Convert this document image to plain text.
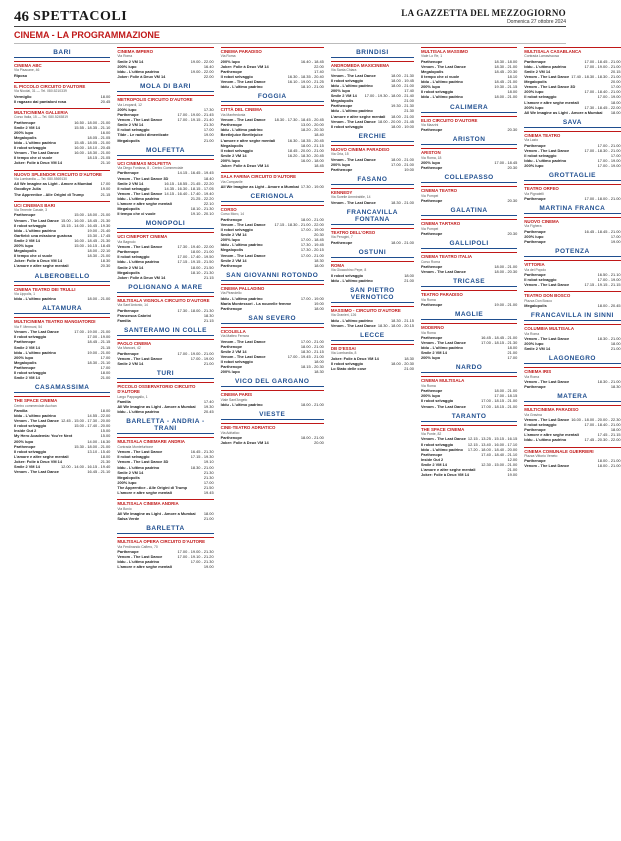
46 SPETTACOLI	LA GAZZETTA DEL MEZZOGIORNO
Domenica 27 ottobre 2024
CINEMA - LA PROGRAMMAZIONE
BARI
CINEMA ABC
Via Pisacane, 46
Riposo
IL PICCOLO CIRCUITO D'AUTORE
Via Nicolai, 31 — Tel. 080.5210339
Vermiglio	18.00
Il ragazzo dai pantaloni rosa	20.45
MULTICINEMA GALLERIA
Corso Italia, 15 — Tel. 080.5245819
Parthenope	16.50 - 18.00 - 21.00
Smile 2 VM 14	15.55 - 18.35 - 21.10
200% lupo	16.00
Megalopolis	18.05 - 21.05
Iddu - L'ultimo padrino	15.45 - 18.05 - 21.00
Il robot selvaggio	16.00 - 18.10 - 20.45
Venom - The Last Dance	16.00 - 18.30 - 21.00
Il tempo che ci vuole	18.15 - 21.05
Joker: Folie à Deux VM 14	21.10
NUOVO SPLENDOR CIRCUITO D'AUTORE
Via Lombardia — Tel. 080.5569130
All We Imagine as Light - Amore a Mumbai 17.00
Goodbye Julia	19.00
The Apprentice - Alle Origini di Trump	21.15
UCI CINEMAS BARI
Via Tenente Casale, 3
Parthenope	15.00 - 18.00 - 21.00
Venom - The Last Dance 15.00 - 16.00 - 18.45 - 21.30
Il robot selvaggio	15.15 - 14.00 - 16.45 - 19.30
Iddu - L'ultimo padrino	19.00 - 21.40
Garfield: una missione gustosa	15.30 - 17.45
Smile 2 VM 14	16.00 - 18.45 - 21.30
200% lupo	15.00 - 16.15 - 18.45
Megalopolis	18.00 - 22.10
Il tempo che ci vuole	18.30 - 21.00
Joker: Folie à Deux VM 14	18.30
L'amore e altre seghe mentali	20.30
ALBEROBELLO
CINEMA TEATRO DEI TRULLI
Via Lippolis, 1
Iddu - L'ultimo padrino	18.00 - 21.00
ALTAMURA
MULTICINEMA TEATRO MANGIATORDI
Via F. Mennuni, 54
Venom - The Last Dance	17.00 - 19.00 - 21.00
Il robot selvaggio	17.00 - 19.00
Parthenope	18.45 - 21.15
Smile 2 VM 14	21.15
Iddu - L'ultimo padrino	19.00 - 21.00
200% lupo	17.00
Megalopolis	18.30 - 21.10
Parthenope	17.00
Il robot selvaggio	18.00
Smile 2 VM 14	21.00
CASAMASSIMA
THE SPACE CINEMA
Centro commerciale Auchan
Familia	18.00
Iddu - L'ultimo padrino	14.55 - 22.00
Venom - The Last Dance 12.45 - 15.00 - 17.30 - 20.00
Il robot selvaggio	15.00 - 17.40 - 20.00
Inside Out 2	15.00
My Hero Academia: You're Next	15.00
200% lupo	14.00 - 16.30
Parthenope	15.30 - 18.00 - 21.00
Il robot selvaggio	13.10 - 15.40
L'amore e altre seghe mentali	18.00
Joker: Folie à Deux VM 14	21.30
Smile 2 VM 14	12.00 - 14.00 - 16.15 - 19.40
Venom - The Last Dance	16.45 - 21.10
CINEMA IMPERO
Via Roma
Smile 2 VM 14	19.00 - 22.00
200% lupo	16.40
Iddu - L'ultimo padrino	19.00 - 22.00
Joker: Folie à Deux VM 14	22.00
MOLA DI BARI
METROPOLIS CIRCUITO D'AUTORE
Via Leopardi, 12
200% lupo	17.30
Parthenope	17.00 - 19.00 - 21.45
Venom - The Last Dance	17.00 - 19.15 - 21.40
Smile 2 VM 14	21.30
Il robot selvaggio	17.00
Tilde - Le radici dimenticate	19.00
Megalopolis	21.00
MOLFETTA
UCI CINEMAS MOLFETTA
Via Diego Fontana, 8 - Centro Commerciale
Parthenope	14.15 - 16.45 - 19.45
Venom - The Last Dance 3D	18.40
Smile 2 VM 14	16.15 - 18.55 - 21.45 - 22.20
Il robot selvaggio	14.35 - 16.30 - 18.15 - 17.05
Venom - The Last Dance 14.15 - 16.40 - 17.40 - 19.40
Iddu - L'ultimo padrino	21.25 - 22.20
L'amore e altre seghe mentali	22.10
Megalopolis	18.10 - 21.30
Il tempo che ci vuole	19.10 - 20.10
MONOPOLI
UCI CINEPORT CINEMA
Via Bagnulo
Venom - The Last Dance	17.30 - 19.40 - 22.00
Parthenope	18.00 - 21.00
Il robot selvaggio	17.00 - 17.40 - 19.50
Iddu - L'ultimo padrino	17.15 - 19.15 - 21.50
Smile 2 VM 14	18.00 - 21.50
Megalopolis	18.10 - 21.30
Joker: Folie à Deux VM 14	21.15
POLIGNANO A MARE
MULTISALA VIGNOLA CIRCUITO D'AUTORE
Via Sant'Antonio, 14
Parthenope	17.30 - 18.00 - 21.30
Francesca Cabrini	18.30
Familia	21.15
SANTERAMO IN COLLE
PAOLO CINEMA
Via Marconi, 42
Parthenope	17.00 - 19.00 - 21.00
Venom - The Last Dance	17.00 - 19.00
Smile 2 VM 14	21.00
TURI
PICCOLO OSSERVATORIO CIRCUITO D'AUTORE
Largo Pappagallo, 1
Familia	17.40
All We Imagine as Light - Amore a Mumbai 19.30
Iddu - L'ultimo padrino	20.45
BARLETTA - ANDRIA - TRANI
MULTISALA CINEMARE ANDRIA
Contrada Montefurbone
Venom - The Last Dance	16.45 - 21.30
Il robot selvaggio	17.15 - 19.30
Venom - The Last Dance 3D	19.10
Iddu - L'ultimo padrino	18.30 - 21.00
Smile 2 VM 14	21.30
Megalopolis	21.30
200% lupo	17.00
The Apprentice - Alle Origini di Trump	21.50
L'amore e altre seghe mentali	19.45
MULTISALA CINEMA ANDRIA
Via Bovio
All We Imagine as Light - Amore a Mumbai 18.00
Salsa Verde	21.00
BARLETTA
MULTISALA OPERA CIRCUITO D'AUTORE
Via Ferdinando Cafiero, 70
Parthenope	17.00 - 19.00 - 21.30
Venom - The Last Dance	17.00 - 19.10 - 21.20
Iddu - L'ultimo padrino	17.00 - 21.30
L'amore e altre seghe mentali	19.00
CINEMA PARADISO
Via Roma
200% lupo	16.40 - 18.45
Joker: Folie à Deux VM 14	22.00
Parthenope	17.40
Il robot selvaggio	16.30 - 18.35 - 20.40
Venom - The Last Dance	16.10 - 19.00 - 21.25
Iddu - L'ultimo padrino	18.10 - 21.00
FOGGIA
CITTÀ DEL CINEMA
Via Manfredonia
Venom - The Last Dance 18.30 - 17.30 - 18.45 - 20.45
Parthenope	13.00 - 20.00
Iddu - L'ultimo padrino	18.20 - 20.30
Beetlejuice Beetlejuice	18.40
L'amore e altre seghe mentali	16.30 - 18.35 - 20.45
Megalopolis	18.00 - 21.15
Il robot selvaggio	18.45 - 20.00 - 21.00
Smile 2 VM 14	16.20 - 18.30 - 20.45
200% lupo	16.00 - 18.00
Joker: Folie à Deux VM 14	18.45
SALA FARINA CIRCUITO D'AUTORE
Via Campanile
All We Imagine as Light - Amore a Mumbai 17.30 - 19.00
CERIGNOLA
CORSO
Corso Moro, 14
Parthenope	18.00 - 21.00
Venom - The Last Dance 17.15 - 18.30 - 21.00 - 22.00
Il robot selvaggio	17.00 - 19.00
Smile 2 VM 14	20.30
200% lupo	17.00 - 18.45
Iddu - L'ultimo padrino	17.30 - 19.45
Megalopolis	17.30 - 20.15
Venom - The Last Dance	17.00 - 21.00
Smile 2 VM 14	18.30
Parthenope	18.00
SAN GIOVANNI ROTONDO
CINEMA PALLADINO
Via Pirandello
Iddu - L'ultimo padrino	17.00 - 19.00
Maria Montessori - La nouvelle femme	19.00
Parthenope	18.00
SAN SEVERO
CICOLELLA
Via Matteo Ferrara
Venom - The Last Dance	17.00 - 21.00
Parthenope	18.00 - 21.00
Smile 2 VM 14	18.30 - 21.15
Venom - The Last Dance	17.00 - 19.45 - 21.00
Il robot selvaggio	18.00
Parthenope	18.15 - 20.30
200% lupo	18.30
VICO DEL GARGANO
CINEMA PARIS
Viale Sant'Angelo
Iddu - L'ultimo padrino	18.00 - 21.00
VIESTE
CINE-TEATRO ADRIATICO
Via Adriatico
Parthenope	18.00 - 21.00
Joker: Folie à Deux VM 14	20.00
BRINDISI
ANDROMEDA MAXICINEMA
Via Santa Chiara
Venom - The Last Dance	18.00 - 21.30
Il robot selvaggio	18.00 - 19.45
Iddu - L'ultimo padrino	18.00 - 21.00
200% lupo	17.40
Smile 2 VM 14 17.00 - 19.30 - 18.00 - 21.40
Megalopolis	21.00
Parthenope	19.30 - 21.30
Iddu - L'ultimo padrino	21.30
L'amore e altre seghe mentali 18.00 - 21.00
Venom - The Last Dance 18.00 - 20.00 - 21.45
Il robot selvaggio	18.00 - 19.00
ERCHIE
NUOVO CINEMA PARADISO
Via Oria, 15
Venom - The Last Dance	18.00 - 21.00
200% lupo	17.00 - 21.00
Parthenope	19.00
FASANO
KENNEDY
Via Sorelle Ammirabile, 14
Venom - The Last Dance	18.30 - 21.00
FRANCAVILLA FONTANA
TEATRO DELL'ORSO
Via Perugini, 7
Parthenope	18.00 - 21.00
OSTUNI
ROMA
Via Gioacchino Pepe, 8
Il robot selvaggio	18.00
Iddu - L'ultimo padrino	21.00
SAN PIETRO VERNOTICO
MASSIMO - CIRCUITO D'AUTORE
Via Granieri, 126
Iddu - L'ultimo padrino	18.30 - 21.15
Venom - The Last Dance 18.30 - 18.00 - 20.15
LECCE
DB D'ESSAI
Via Lombardia, 8
Joker: Folie à Deux VM 14	18.30
Il robot selvaggio	18.00 - 20.30
Lo Stato delle cose	21.00
MULTISALA MASSIMO
Viale Lo Re, 1
Parthenope	18.30 - 18.00
Venom - The Last Dance	18.30 - 21.00
Megalopolis	18.45 - 20.30
Il tempo che ci vuole	18.10
Iddu - L'ultimo padrino	18.45 - 21.00
200% lupo	19.30 - 21.15
Il robot selvaggio	18.00
Iddu - L'ultimo padrino	18.00 - 21.00
CALIMERA
ELIO CIRCUITO D'AUTORE
Via Mazzini
Parthenope	20.30
ARISTON
ARISTON
Via Roma, 18
200% lupo	17.00 - 18.45
Parthenope	20.30
COLLEPASSO
CINEMA TEATRO
Via Pompei
Parthenope	20.30
GALATINA
CINEMA TARTARO
Via Pompei
Parthenope	20.30
GALLIPOLI
CINEMA TEATRO ITALIA
Corso Roma
Parthenope	18.00 - 21.00
Venom - The Last Dance	18.00 - 20.30
TRICASE
TEATRO PARADISO
Via Roma
Parthenope	19.00 - 21.00
MAGLIE
MODERNO
Via Roma
Parthenope	16.45 - 18.45 - 21.00
Venom - The Last Dance	17.00 - 18.15 - 21.30
Iddu - L'ultimo padrino	18.00
Smile 2 VM 14	21.00
200% lupo	17.00
NARDO
CINEMA MULTISALA
Via Roma
Parthenope	18.00 - 21.00
200% lupo	17.00 - 18.15
Il robot selvaggio	17.00 - 18.15 - 21.00
Venom - The Last Dance	17.00 - 18.15 - 21.00
TARANTO
THE SPACE CINEMA
Via Ponte, 82
Venom - The Last Dance 12.15 - 13.25 - 15.15 - 16.15
Il robot selvaggio	12.15 - 13.40 - 16.00 - 17.10
Iddu - L'ultimo padrino 17.20 - 18.00 - 18.40 - 20.00
Parthenope	17.40 - 18.40 - 21.10
Inside Out 2	12.00
Smile 2 VM 14	12.30 - 15.00 - 21.00
L'amore e altre seghe mentali	21.00
Joker: Folie à Deux VM 14	19.00
MULTISALA CASABLANCA
Contrada Lamaviscosa
Parthenope	17.00 - 18.45 - 21.00
Iddu - L'ultimo padrino	17.00 - 19.00 - 21.00
Smile 2 VM 14	20.15
Venom - The Last Dance 17.40 - 18.30 - 18.30 - 21.00
Megalopolis	20.00
Venom - The Last Dance 3D	17.00
200% lupo	17.00 - 18.40 - 21.00
Il robot selvaggio	17.00 - 19.00
L'amore e altre seghe mentali	18.00
200% lupo	17.30 - 18.45 - 22.00
All We Imagine as Light - Amore a Mumbai 18.00
SAVA
CINEMA TEATRO
Via Lazio
Parthenope	17.00 - 21.00
Venom - The Last Dance	17.00 - 18.30 - 21.00
Il robot selvaggio	17.00
Iddu - L'ultimo padrino	17.00 - 19.00
200% lupo	17.00 - 19.00
GROTTAGLIE
TEATRO ORFEO
Via Pignatelli
Parthenope	17.00 - 18.00 - 21.00
MARTINA FRANCA
NUOVO CINEMA
Via Fighera
Parthenope	16.45 - 18.45 - 21.00
200% lupo	17.00
Parthenope	19.00
POTENZA
VITTORIA
Via del Popolo
Parthenope	16.50 - 21.10
Il robot selvaggio	17.00 - 19.00
Venom - The Last Dance	17.15 - 19.15 - 21.15
TEATRO DON BOSCO
Piazza Don Bosco
Megalopolis	18.00 - 20.45
FRANCAVILLA IN SINNI
COLUMBIA MULTISALA
Via Roma
Venom - The Last Dance	18.30 - 21.00
200% lupo	18.00
Smile 2 VM 14	21.00
LAGONEGRO
CINEMA IRIS
Via Roma
Venom - The Last Dance	18.30 - 21.00
Parthenope	18.30
MATERA
MULTICINEMA PARADISO
Via Gravina
Venom - The Last Dance 16.00 - 18.00 - 20.00 - 22.30
Il robot selvaggio	17.00 - 18.40 - 21.00
Parthenope	18.00
L'amore e altre seghe mentali	17.45 - 21.15
Iddu - L'ultimo padrino	17.45 - 20.30 - 22.00
CINEMA COMUNALE GUERRIERI
Piazza Vittorio Veneto
Parthenope	18.00 - 21.00
Venom - The Last Dance	18.00 - 21.00
